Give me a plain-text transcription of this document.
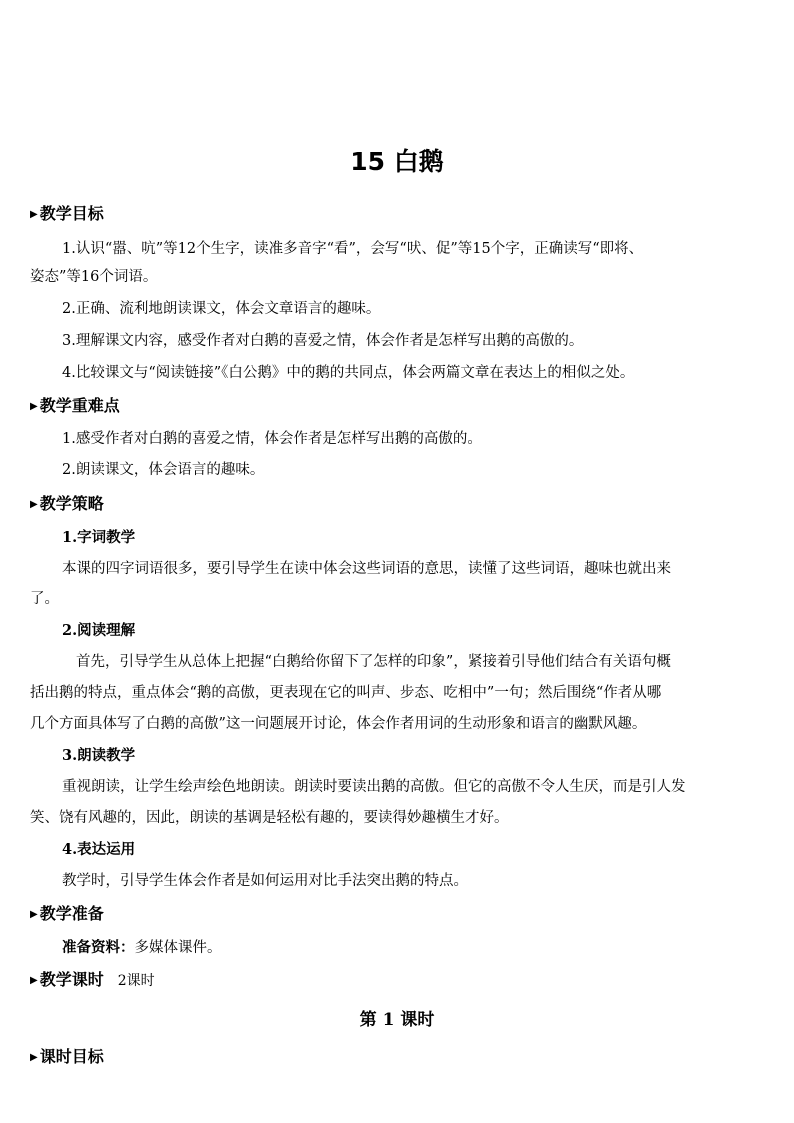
15 白鹅
▶ 教学目标
1.认识“嚣、吭”等12个生字，读准多音字“看”，会写“吠、促”等15个字，正确读写“即将、
姿态”等16个词语。
2.正确、流利地朗读课文，体会文章语言的趣味。
3.理解课文内容，感受作者对白鹅的喜爱之情，体会作者是怎样写出鹅的高傲的。
4.比较课文与“阅读链接”《白公鹅》中的鹅的共同点，体会两篇文章在表达上的相似之处。
▶ 教学重难点
1.感受作者对白鹅的喜爱之情，体会作者是怎样写出鹅的高傲的。
2.朗读课文，体会语言的趣味。
▶ 教学策略
1.字词教学
本课的四字词语很多，要引导学生在读中体会这些词语的意思，读懂了这些词语，趣味也就出来
了。
2.阅读理解
首先，引导学生从总体上把握“白鹅给你留下了怎样的印象”，紧接着引导他们结合有关语句概
括出鹅的特点，重点体会“鹅的高傲，更表现在它的叫声、步态、吃相中”一句；然后围绕“作者从哪
几个方面具体写了白鹅的高傲”这一问题展开讨论，体会作者用词的生动形象和语言的幽默风趣。
3.朗读教学
重视朗读，让学生绘声绘色地朗读。朗读时要读出鹅的高傲。但它的高傲不令人生厌，而是引人发
笑、饶有风趣的，因此，朗读的基调是轻松有趣的，要读得妙趣横生才好。
4.表达运用
教学时，引导学生体会作者是如何运用对比手法突出鹅的特点。
▶ 教学准备
准备资料：多媒体课件。
▶ 教学课时 2课时
第 1 课时
▶ 课时目标
